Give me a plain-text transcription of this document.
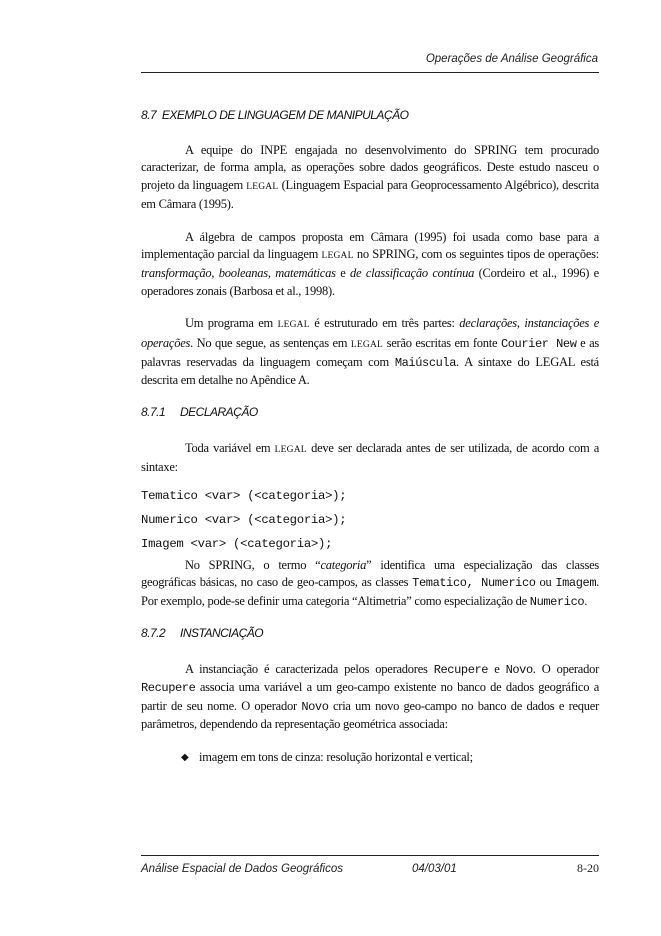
Operações de Análise Geográfica
8.7 EXEMPLO DE LINGUAGEM DE MANIPULAÇÃO

A equipe do INPE engajada no desenvolvimento do SPRING tem procurado caracterizar, de forma ampla, as operações sobre dados geográficos. Deste estudo nasceu o projeto da linguagem LEGAL (Linguagem Espacial para Geoprocessamento Algébrico), descrita em Câmara (1995).

A álgebra de campos proposta em Câmara (1995) foi usada como base para a implementação parcial da linguagem LEGAL no SPRING, com os seguintes tipos de operações: transformação, booleanas, matemáticas e de classificação contínua (Cordeiro et al., 1996) e operadores zonais (Barbosa et al., 1998).

Um programa em LEGAL é estruturado em três partes: declarações, instanciações e operações. No que segue, as sentenças em LEGAL serão escritas em fonte Courier New e as palavras reservadas da linguagem começam com Maiúscula. A sintaxe do LEGAL está descrita em detalhe no Apêndice A.

8.7.1 DECLARAÇÃO

Toda variável em LEGAL deve ser declarada antes de ser utilizada, de acordo com a sintaxe:

Tematico <var> (<categoria>);
Numerico <var> (<categoria>);
Imagem <var> (<categoria>);

No SPRING, o termo “categoria” identifica uma especialização das classes geográficas básicas, no caso de geo-campos, as classes Tematico, Numerico ou Imagem. Por exemplo, pode-se definir uma categoria “Altimetria” como especialização de Numerico.

8.7.2 INSTANCIAÇÃO

A instanciação é caracterizada pelos operadores Recupere e Novo. O operador Recupere associa uma variável a um geo-campo existente no banco de dados geográfico a partir de seu nome. O operador Novo cria um novo geo-campo no banco de dados e requer parâmetros, dependendo da representação geométrica associada:

◆ imagem em tons de cinza: resolução horizontal e vertical;
Análise Espacial de Dados Geográficos	04/03/01	8-20
